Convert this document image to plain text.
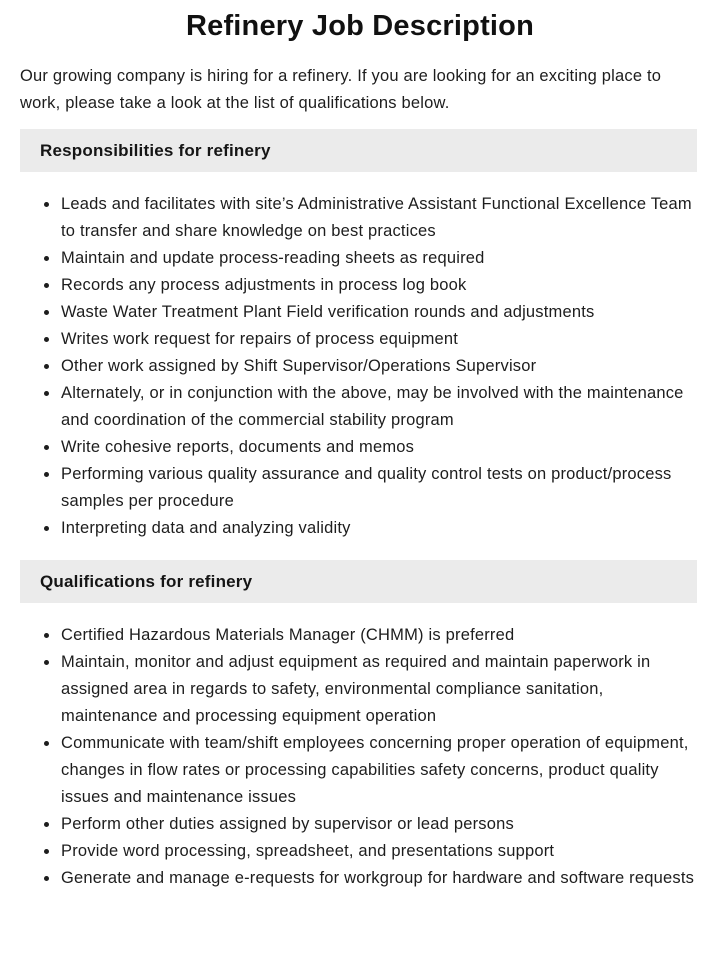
Refinery Job Description

Our growing company is hiring for a refinery. If you are looking for an exciting place to work, please take a look at the list of qualifications below.

Responsibilities for refinery
Leads and facilitates with site’s Administrative Assistant Functional Excellence Team to transfer and share knowledge on best practices
Maintain and update process-reading sheets as required
Records any process adjustments in process log book
Waste Water Treatment Plant Field verification rounds and adjustments
Writes work request for repairs of process equipment
Other work assigned by Shift Supervisor/Operations Supervisor
Alternately, or in conjunction with the above, may be involved with the maintenance and coordination of the commercial stability program
Write cohesive reports, documents and memos
Performing various quality assurance and quality control tests on product/process samples per procedure
Interpreting data and analyzing validity
Qualifications for refinery
Certified Hazardous Materials Manager (CHMM) is preferred
Maintain, monitor and adjust equipment as required and maintain paperwork in assigned area in regards to safety, environmental compliance sanitation, maintenance and processing equipment operation
Communicate with team/shift employees concerning proper operation of equipment, changes in flow rates or processing capabilities safety concerns, product quality issues and maintenance issues
Perform other duties assigned by supervisor or lead persons
Provide word processing, spreadsheet, and presentations support
Generate and manage e-requests for workgroup for hardware and software requests
